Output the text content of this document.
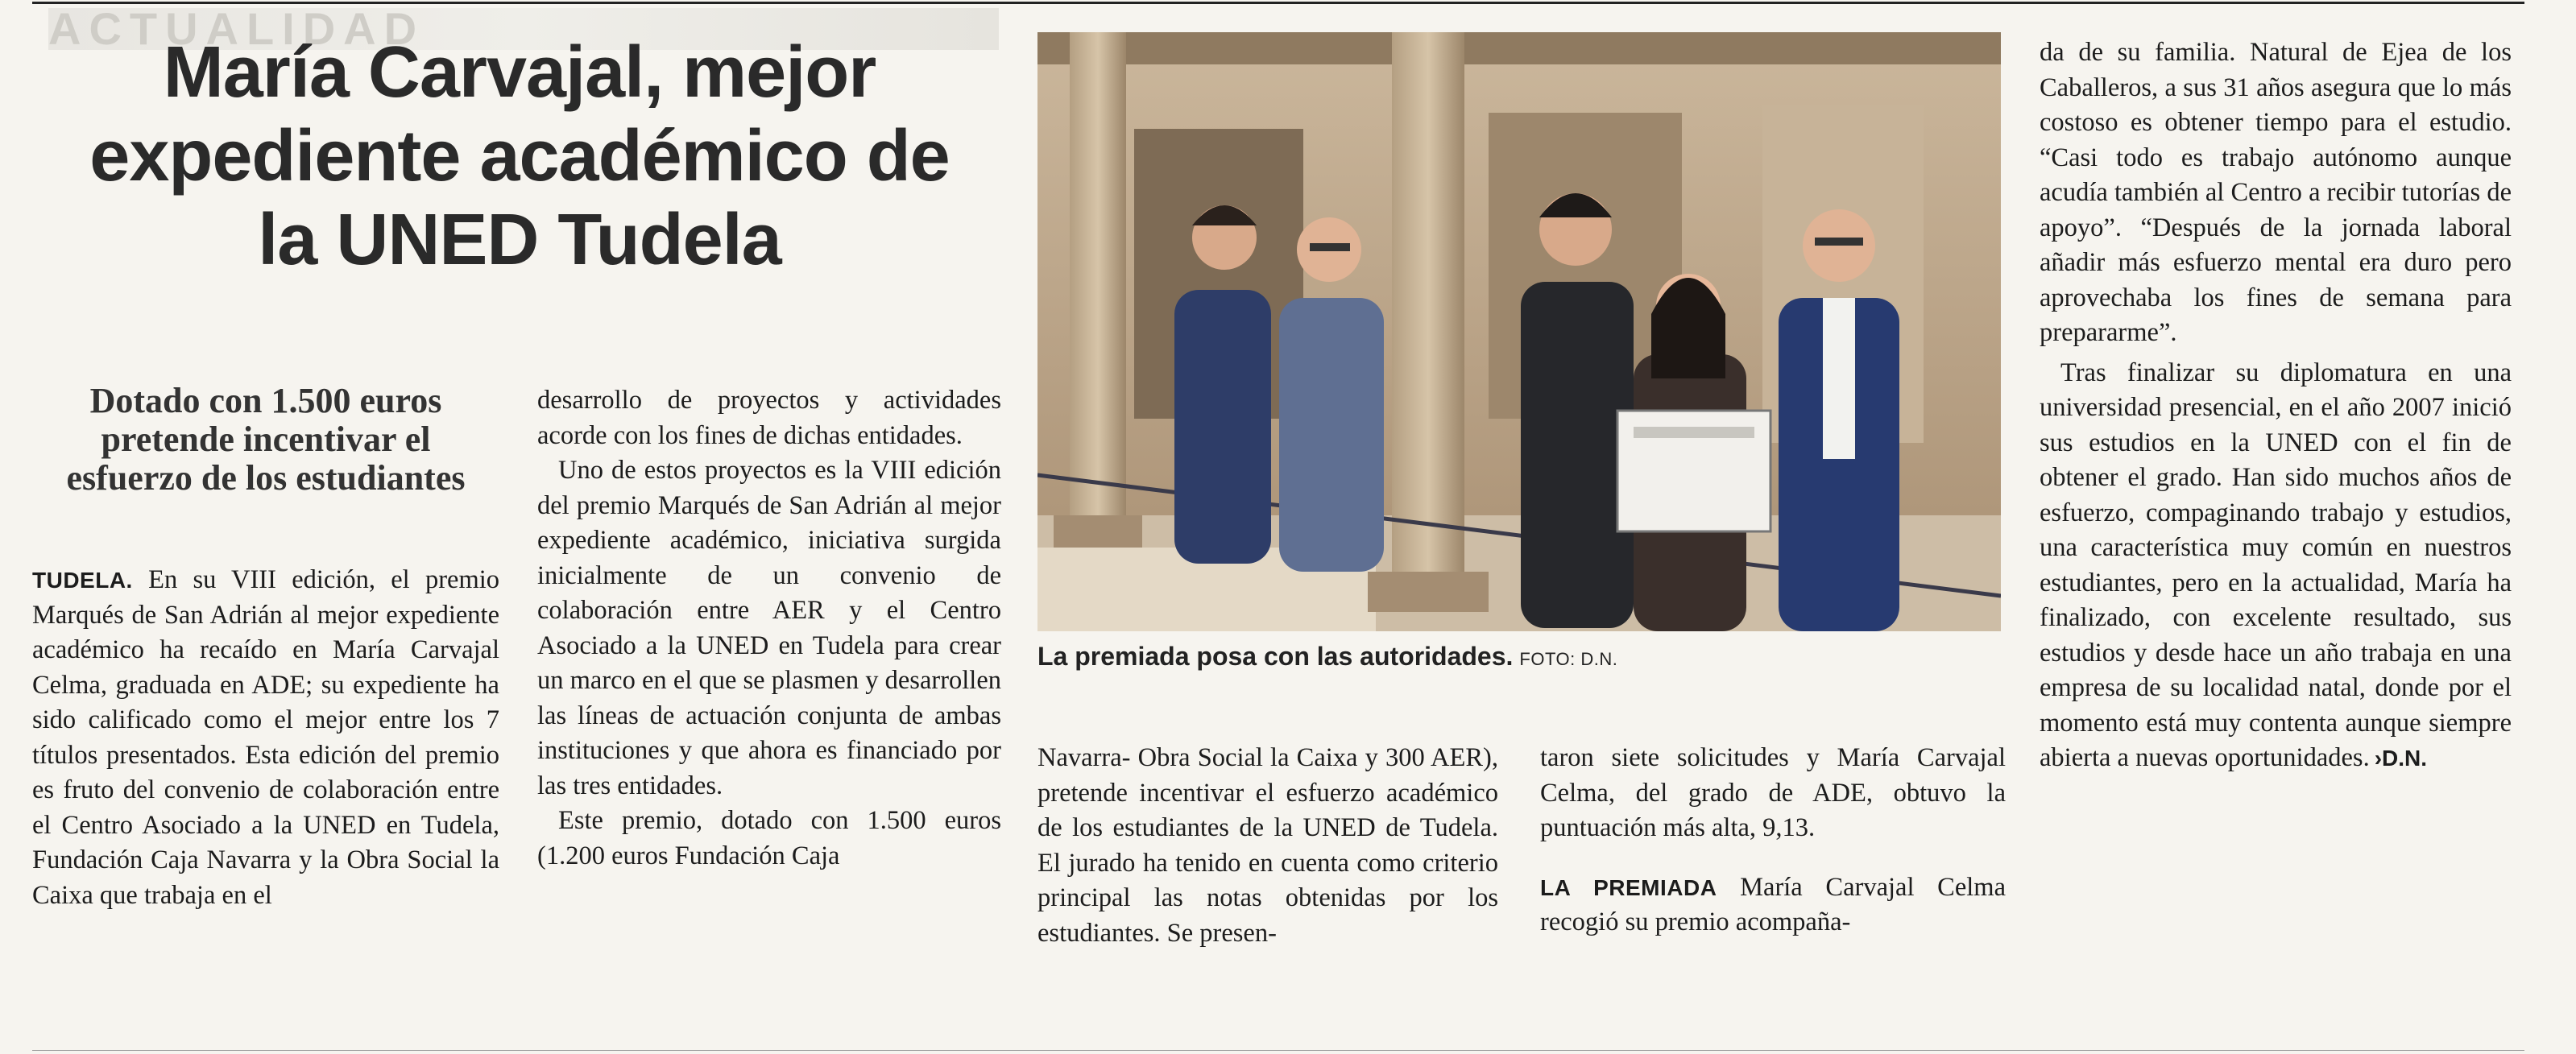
ACTUALIDAD
María Carvajal, mejor
expediente académico de
la UNED Tudela
Dotado con 1.500 euros
pretende incentivar el
esfuerzo de los estudiantes

TUDELA. En su VIII edición, el premio Marqués de San Adrián al mejor expediente académico ha recaído en María Carvajal Celma, graduada en ADE; su expediente ha sido calificado como el mejor entre los 7 títulos presentados. Esta edición del premio es fruto del convenio de colaboración entre el Centro Asociado a la UNED en Tudela, Fundación Caja Navarra y la Obra Social la Caixa que trabaja en el

desarrollo de proyectos y actividades acorde con los fines de dichas entidades.

Uno de estos proyectos es la VIII edición del premio Marqués de San Adrián al mejor expediente académico, iniciativa surgida inicialmente de un convenio de colaboración entre AER y el Centro Asociado a la UNED en Tudela para crear un marco en el que se plasmen y desarrollen las líneas de actuación conjunta de ambas instituciones y que ahora es financiado por las tres entidades.

Este premio, dotado con 1.500 euros (1.200 euros Fundación Caja

La premiada posa con las autoridades. FOTO: D.N.

Navarra- Obra Social la Caixa y 300 AER), pretende incentivar el esfuerzo académico de los estudiantes de la UNED de Tudela. El jurado ha tenido en cuenta como criterio principal las notas obtenidas por los estudiantes. Se presen-

taron siete solicitudes y María Carvajal Celma, del grado de ADE, obtuvo la puntuación más alta, 9,13.

LA PREMIADA María Carvajal Celma recogió su premio acompaña-

da de su familia. Natural de Ejea de los Caballeros, a sus 31 años asegura que lo más costoso es obtener tiempo para el estudio. “Casi todo es trabajo autónomo aunque acudía también al Centro a recibir tutorías de apoyo”. “Después de la jornada laboral añadir más esfuerzo mental era duro pero aprovechaba los fines de semana para prepararme”.

Tras finalizar su diplomatura en una universidad presencial, en el año 2007 inició sus estudios en la UNED con el fin de obtener el grado. Han sido muchos años de esfuerzo, compaginando trabajo y estudios, una característica muy común en nuestros estudiantes, pero en la actualidad, María ha finalizado, con excelente resultado, sus estudios y desde hace un año trabaja en una empresa de su localidad natal, donde por el momento está muy contenta aunque siempre abierta a nuevas oportunidades. ›D.N.
